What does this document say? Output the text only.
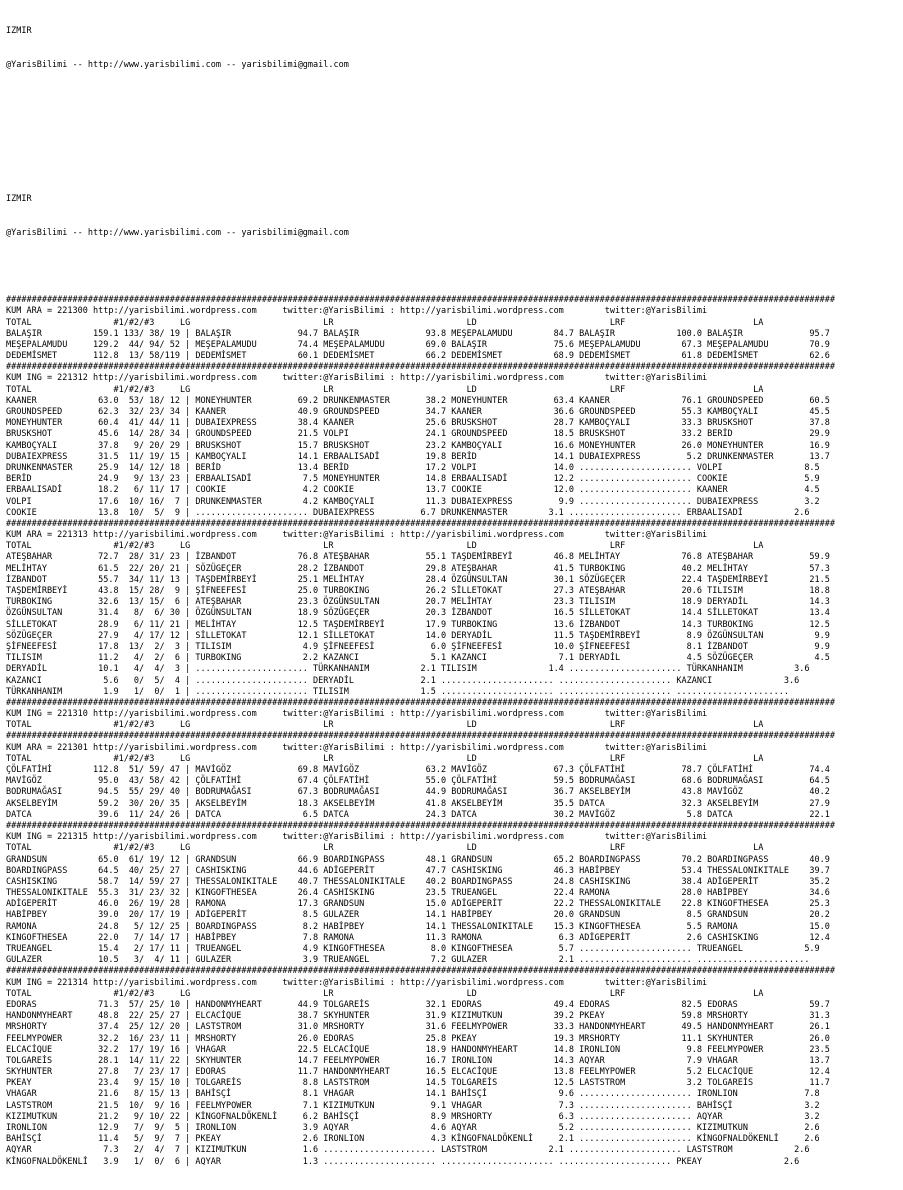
IZMIR

@YarisBilimi -- http://www.yarisbilimi.com -- yarisbilimi@gmail.com

IZMIR

@YarisBilimi -- http://www.yarisbilimi.com -- yarisbilimi@gmail.com

##################################################################################################################################################################
KUM ARA = 221300 http://yarisbilimi.wordpress.com     twitter:@YarisBilimi : http://yarisbilimi.wordpress.com        twitter:@YarisBilimi
TOTAL                #1/#2/#3     LG                          LR                          LD                          LRF                         LA
BALAŞIR          159.1 133/ 38/ 19 | BALAŞIR             94.7 BALAŞIR             93.8 MEŞEPALAMUDU        84.7 BALAŞIR            100.0 BALAŞIR             95.7
MEŞEPALAMUDU     129.2  44/ 94/ 52 | MEŞEPALAMUDU        74.4 MEŞEPALAMUDU        69.0 BALAŞIR             75.6 MEŞEPALAMUDU        67.3 MEŞEPALAMUDU        70.9
DEDEMİSMET       112.8  13/ 58/119 | DEDEMİSMET          60.1 DEDEMİSMET          66.2 DEDEMİSMET          68.9 DEDEMİSMET          61.8 DEDEMİSMET          62.6
##################################################################################################################################################################
KUM ING = 221312 http://yarisbilimi.wordpress.com     twitter:@YarisBilimi : http://yarisbilimi.wordpress.com        twitter:@YarisBilimi
TOTAL                #1/#2/#3     LG                          LR                          LD                          LRF                         LA
KAANER            63.0  53/ 18/ 12 | MONEYHUNTER         69.2 DRUNKENMASTER       38.2 MONEYHUNTER         63.4 KAANER              76.1 GROUNDSPEED         60.5
GROUNDSPEED       62.3  32/ 23/ 34 | KAANER              40.9 GROUNDSPEED         34.7 KAANER              36.6 GROUNDSPEED         55.3 KAMBOÇYALI          45.5
MONEYHUNTER       60.4  41/ 44/ 11 | DUBAIEXPRESS        38.4 KAANER              25.6 BRUSKSHOT           28.7 KAMBOÇYALI          33.3 BRUSKSHOT           37.8
BRUSKSHOT         45.6  14/ 28/ 34 | GROUNDSPEED         21.5 VOLPI               24.1 GROUNDSPEED         18.5 BRUSKSHOT           33.2 BERİD               29.9
KAMBOÇYALI        37.8   9/ 20/ 29 | BRUSKSHOT           15.7 BRUSKSHOT           23.2 KAMBOÇYALI          16.6 MONEYHUNTER         26.0 MONEYHUNTER         16.9
DUBAIEXPRESS      31.5  11/ 19/ 15 | KAMBOÇYALI          14.1 ERBAALISADİ         19.8 BERİD               14.1 DUBAIEXPRESS         5.2 DRUNKENMASTER       13.7
DRUNKENMASTER     25.9  14/ 12/ 18 | BERİD               13.4 BERİD               17.2 VOLPI               14.0 ...................... VOLPI                8.5
BERİD             24.9   9/ 13/ 23 | ERBAALISADİ          7.5 MONEYHUNTER         14.8 ERBAALISADİ         12.2 ...................... COOKIE               5.9
ERBAALISADİ       18.2   6/ 11/ 17 | COOKIE               4.2 COOKIE              13.7 COOKIE              12.0 ...................... KAANER               4.5
VOLPI             17.6  10/ 16/  7 | DRUNKENMASTER        4.2 KAMBOÇYALI          11.3 DUBAIEXPRESS         9.9 ...................... DUBAIEXPRESS         3.2
COOKIE            13.8  10/  5/  9 | ...................... DUBAIEXPRESS         6.7 DRUNKENMASTER        3.1 ...................... ERBAALISADİ          2.6
##################################################################################################################################################################
KUM ARA = 221313 http://yarisbilimi.wordpress.com     twitter:@YarisBilimi : http://yarisbilimi.wordpress.com        twitter:@YarisBilimi
TOTAL                #1/#2/#3     LG                          LR                          LD                          LRF                         LA
ATEŞBAHAR         72.7  28/ 31/ 23 | İZBANDOT            76.8 ATEŞBAHAR           55.1 TAŞDEMİRBEYİ        46.8 MELİHTAY            76.8 ATEŞBAHAR           59.9
MELİHTAY          61.5  22/ 20/ 21 | SÖZÜGEÇER           28.2 İZBANDOT            29.8 ATEŞBAHAR           41.5 TURBOKING           40.2 MELİHTAY            57.3
İZBANDOT          55.7  34/ 11/ 13 | TAŞDEMİRBEYİ        25.1 MELİHTAY            28.4 ÖZGÜNSULTAN         30.1 SÖZÜGEÇER           22.4 TAŞDEMİRBEYİ        21.5
TAŞDEMİRBEYİ      43.8  15/ 28/  9 | ŞİFNEEFESİ          25.0 TURBOKING           26.2 SİLLETOKAT          27.3 ATEŞBAHAR           20.6 TILISIM             18.8
TURBOKING         32.6  13/ 15/  6 | ATEŞBAHAR           23.3 ÖZGÜNSULTAN         20.7 MELİHTAY            23.3 TILISIM             18.9 DERYADİL            14.3
ÖZGÜNSULTAN       31.4   8/  6/ 30 | ÖZGÜNSULTAN         18.9 SÖZÜGEÇER           20.3 İZBANDOT            16.5 SİLLETOKAT          14.4 SİLLETOKAT          13.4
SİLLETOKAT        28.9   6/ 11/ 21 | MELİHTAY            12.5 TAŞDEMİRBEYİ        17.9 TURBOKING           13.6 İZBANDOT            14.3 TURBOKING           12.5
SÖZÜGEÇER         27.9   4/ 17/ 12 | SİLLETOKAT          12.1 SİLLETOKAT          14.0 DERYADİL            11.5 TAŞDEMİRBEYİ         8.9 ÖZGÜNSULTAN          9.9
ŞİFNEEFESİ        17.8  13/  2/  3 | TILISIM              4.9 ŞİFNEEFESİ           6.0 ŞİFNEEFESİ          10.0 ŞİFNEEFESİ           8.1 İZBANDOT             9.9
TILISIM           11.2   4/  2/  6 | TURBOKING            2.2 KAZANCI              5.1 KAZANCI              7.1 DERYADİL             4.5 SÖZÜGEÇER            4.5
DERYADİL          10.1   4/  4/  3 | ...................... TÜRKANHANIM          2.1 TILISIM              1.4 ...................... TÜRKANHANIM          3.6
KAZANCI            5.6   0/  5/  4 | ...................... DERYADİL             2.1 ...................... ...................... KAZANCI              3.6
TÜRKANHANIM        1.9   1/  0/  1 | ...................... TILISIM              1.5 ...................... ...................... ......................
##################################################################################################################################################################
KUM ING = 221310 http://yarisbilimi.wordpress.com     twitter:@YarisBilimi : http://yarisbilimi.wordpress.com        twitter:@YarisBilimi
TOTAL                #1/#2/#3     LG                          LR                          LD                          LRF                         LA
##################################################################################################################################################################
KUM ARA = 221301 http://yarisbilimi.wordpress.com     twitter:@YarisBilimi : http://yarisbilimi.wordpress.com        twitter:@YarisBilimi
TOTAL                #1/#2/#3     LG                          LR                          LD                          LRF                         LA
ÇÖLFATİHİ        112.8  51/ 59/ 47 | MAVİGÖZ             69.8 MAVİGÖZ             63.2 MAVİGÖZ             67.3 ÇÖLFATİHİ           78.7 ÇÖLFATİHİ           74.4
MAVİGÖZ           95.0  43/ 58/ 42 | ÇÖLFATİHİ           67.4 ÇÖLFATİHİ           55.0 ÇÖLFATİHİ           59.5 BODRUMAĞASI         68.6 BODRUMAĞASI         64.5
BODRUMAĞASI       94.5  55/ 29/ 40 | BODRUMAĞASI         67.3 BODRUMAĞASI         44.9 BODRUMAĞASI         36.7 AKSELBEYİM          43.8 MAVİGÖZ             40.2
AKSELBEYİM        59.2  30/ 20/ 35 | AKSELBEYİM          18.3 AKSELBEYİM          41.8 AKSELBEYİM          35.5 DATCA               32.3 AKSELBEYİM          27.9
DATCA             39.6  11/ 24/ 26 | DATCA                6.5 DATCA               24.3 DATCA               30.2 MAVİGÖZ              5.8 DATCA               22.1
##################################################################################################################################################################
KUM ING = 221315 http://yarisbilimi.wordpress.com     twitter:@YarisBilimi : http://yarisbilimi.wordpress.com        twitter:@YarisBilimi
TOTAL                #1/#2/#3     LG                          LR                          LD                          LRF                         LA
GRANDSUN          65.0  61/ 19/ 12 | GRANDSUN            66.9 BOARDINGPASS        48.1 GRANDSUN            65.2 BOARDINGPASS        70.2 BOARDINGPASS        40.9
BOARDINGPASS      64.5  40/ 25/ 27 | CASHISKING          44.6 ADİGEPERİT          47.7 CASHISKING          46.3 HABİPBEY            53.4 THESSALONIKITALE    39.7
CASHISKING        58.7  14/ 59/ 27 | THESSALONIKITALE    40.7 THESSALONIKITALE    40.2 BOARDINGPASS        24.8 CASHISKING          38.4 ADİGEPERİT          35.2
THESSALONIKITALE  55.3  31/ 23/ 32 | KINGOFTHESEA        26.4 CASHISKING          23.5 TRUEANGEL           22.4 RAMONA              28.0 HABİPBEY            34.6
ADİGEPERİT        46.0  26/ 19/ 28 | RAMONA              17.3 GRANDSUN            15.0 ADİGEPERİT          22.2 THESSALONIKITALE    22.8 KINGOFTHESEA        25.3
HABİPBEY          39.0  20/ 17/ 19 | ADİGEPERİT           8.5 GULAZER             14.1 HABİPBEY            20.0 GRANDSUN             8.5 GRANDSUN            20.2
RAMONA            24.8   5/ 12/ 25 | BOARDINGPASS         8.2 HABİPBEY            14.1 THESSALONIKITALE    15.3 KINGOFTHESEA         5.5 RAMONA              15.0
KINGOFTHESEA      22.0   7/ 14/ 17 | HABİPBEY             7.8 RAMONA              11.3 RAMONA               6.3 ADİGEPERİT           2.6 CASHISKING          12.4
TRUEANGEL         15.4   2/ 17/ 11 | TRUEANGEL            4.9 KINGOFTHESEA         8.0 KINGOFTHESEA         5.7 ...................... TRUEANGEL            5.9
GULAZER           10.5   3/  4/ 11 | GULAZER              3.9 TRUEANGEL            7.2 GULAZER              2.1 ...................... ......................
##################################################################################################################################################################
KUM ING = 221314 http://yarisbilimi.wordpress.com     twitter:@YarisBilimi : http://yarisbilimi.wordpress.com        twitter:@YarisBilimi
TOTAL                #1/#2/#3     LG                          LR                          LD                          LRF                         LA
EDORAS            71.3  57/ 25/ 10 | HANDONMYHEART       44.9 TOLGAREİS           32.1 EDORAS              49.4 EDORAS              82.5 EDORAS              59.7
HANDONMYHEART     48.8  22/ 25/ 27 | ELCACİQUE           38.7 SKYHUNTER           31.9 KIZIMUTKUN          39.2 PKEAY               59.8 MRSHORTY            31.3
MRSHORTY          37.4  25/ 12/ 20 | LASTSTROM           31.0 MRSHORTY            31.6 FEELMYPOWER         33.3 HANDONMYHEART       49.5 HANDONMYHEART       26.1
FEELMYPOWER       32.2  16/ 23/ 11 | MRSHORTY            26.0 EDORAS              25.8 PKEAY               19.3 MRSHORTY            11.1 SKYHUNTER           26.0
ELCACİQUE         32.2  17/ 19/ 16 | VHAGAR              22.5 ELCACİQUE           18.9 HANDONMYHEART       14.8 IRONLION             9.8 FEELMYPOWER         23.5
TOLGAREİS         28.1  14/ 11/ 22 | SKYHUNTER           14.7 FEELMYPOWER         16.7 IRONLION            14.3 AQYAR                7.9 VHAGAR              13.7
SKYHUNTER         27.8   7/ 23/ 17 | EDORAS              11.7 HANDONMYHEART       16.5 ELCACİQUE           13.8 FEELMYPOWER          5.2 ELCACİQUE           12.4
PKEAY             23.4   9/ 15/ 10 | TOLGAREİS            8.8 LASTSTROM           14.5 TOLGAREİS           12.5 LASTSTROM            3.2 TOLGAREİS           11.7
VHAGAR            21.6   8/ 15/ 13 | BAHİSÇİ              8.1 VHAGAR              14.1 BAHİSÇİ              9.6 ...................... IRONLION             7.8
LASTSTROM         21.5  10/  9/ 16 | FEELMYPOWER          7.1 KIZIMUTKUN           9.1 VHAGAR               7.3 ...................... BAHİSÇİ              3.2
KIZIMUTKUN        21.2   9/ 10/ 22 | KİNGOFNALDÖKENLİ     6.2 BAHİSÇİ              8.9 MRSHORTY             6.3 ...................... AQYAR                3.2
IRONLION          12.9   7/  9/  5 | IRONLION             3.9 AQYAR                4.6 AQYAR                5.2 ...................... KIZIMUTKUN           2.6
BAHİSÇİ           11.4   5/  9/  7 | PKEAY                2.6 IRONLION             4.3 KİNGOFNALDÖKENLİ     2.1 ...................... KİNGOFNALDÖKENLİ     2.6
AQYAR              7.3   2/  4/  7 | KIZIMUTKUN           1.6 ...................... LASTSTROM            2.1 ...................... LASTSTROM            2.6
KİNGOFNALDÖKENLİ   3.9   1/  0/  6 | AQYAR                1.3 ...................... ...................... ...................... PKEAY                2.6
